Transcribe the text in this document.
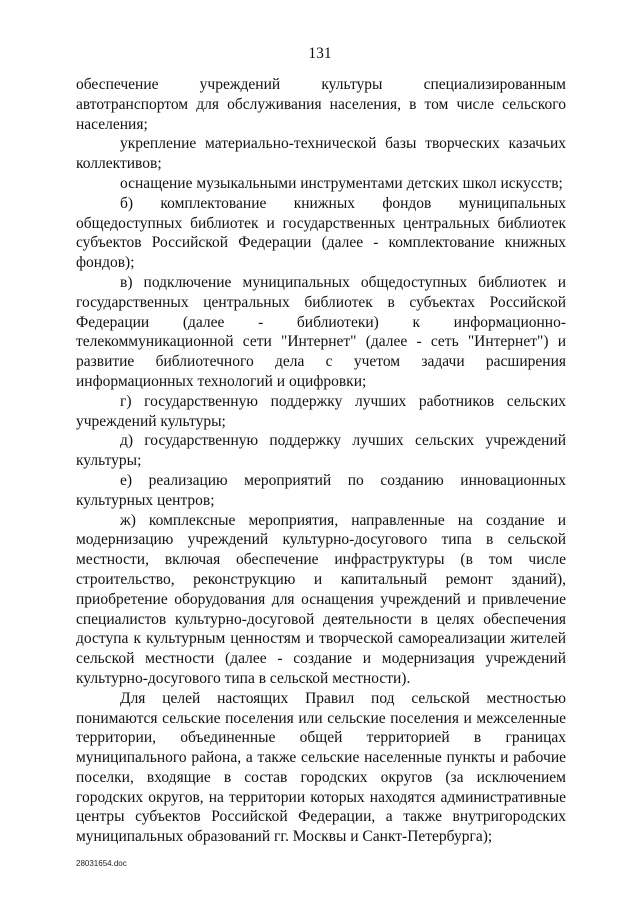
131

обеспечение учреждений культуры специализированным автотранспортом для обслуживания населения, в том числе сельского населения;

укрепление материально-технической базы творческих казачьих коллективов;

оснащение музыкальными инструментами детских школ искусств;

б) комплектование книжных фондов муниципальных общедоступных библиотек и государственных центральных библиотек субъектов Российской Федерации (далее - комплектование книжных фондов);

в) подключение муниципальных общедоступных библиотек и государственных центральных библиотек в субъектах Российской Федерации (далее - библиотеки) к информационно-телекоммуникационной сети "Интернет" (далее - сеть "Интернет") и развитие библиотечного дела с учетом задачи расширения информационных технологий и оцифровки;

г) государственную поддержку лучших работников сельских учреждений культуры;

д) государственную поддержку лучших сельских учреждений культуры;

е) реализацию мероприятий по созданию инновационных культурных центров;

ж) комплексные мероприятия, направленные на создание и модернизацию учреждений культурно-досугового типа в сельской местности, включая обеспечение инфраструктуры (в том числе строительство, реконструкцию и капитальный ремонт зданий), приобретение оборудования для оснащения учреждений и привлечение специалистов культурно-досуговой деятельности в целях обеспечения доступа к культурным ценностям и творческой самореализации жителей сельской местности (далее - создание и модернизация учреждений культурно-досугового типа в сельской местности).

Для целей настоящих Правил под сельской местностью понимаются сельские поселения или сельские поселения и межселенные территории, объединенные общей территорией в границах муниципального района, а также сельские населенные пункты и рабочие поселки, входящие в состав городских округов (за исключением городских округов, на территории которых находятся административные центры субъектов Российской Федерации, а также внутригородских муниципальных образований гг. Москвы и Санкт-Петербурга);

28031654.doc
